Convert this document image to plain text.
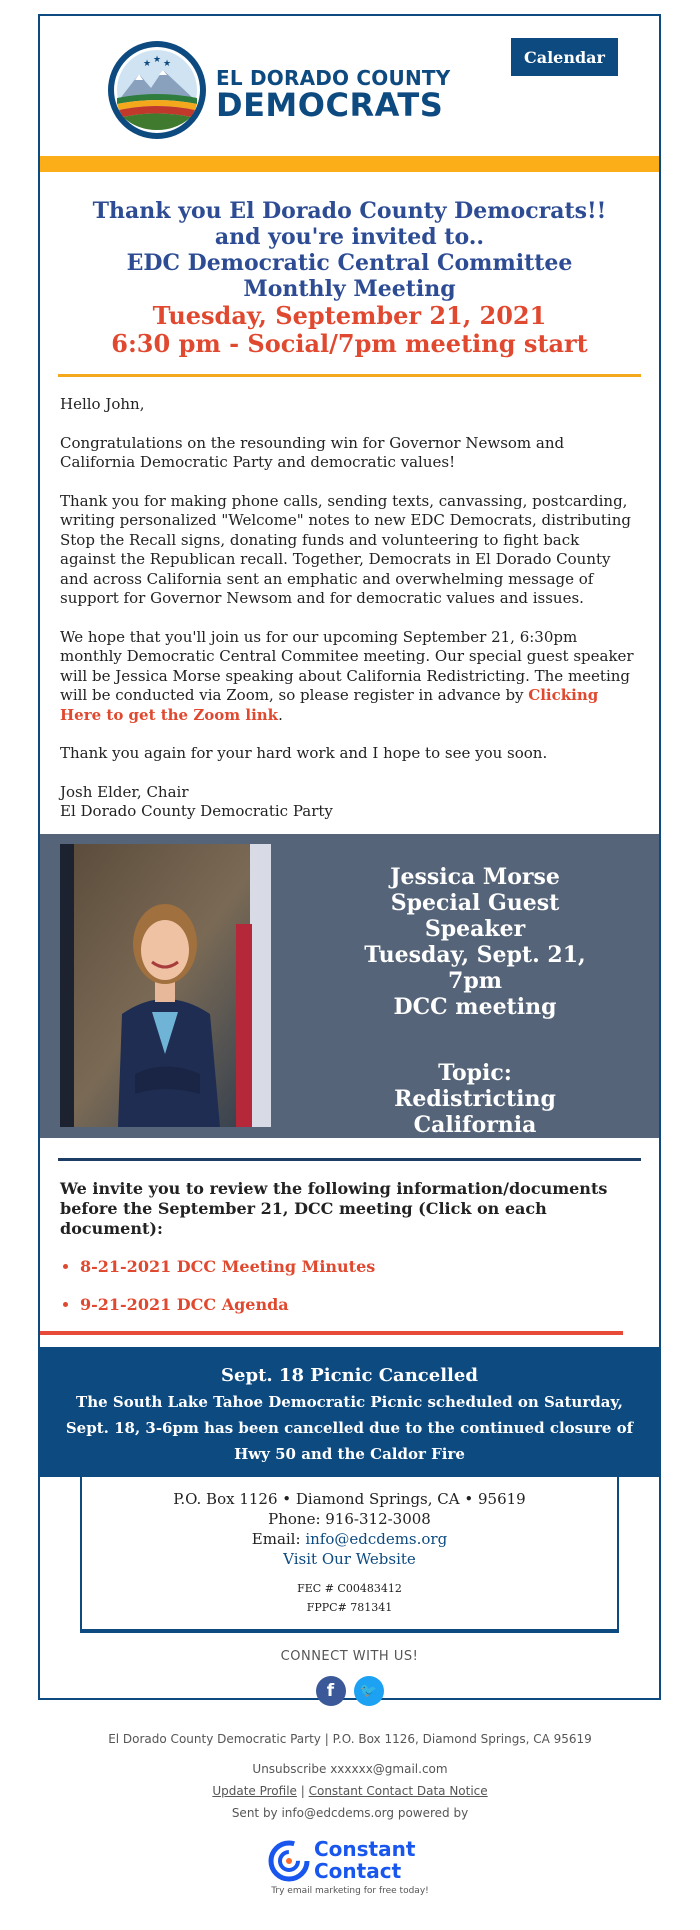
★ ★ ★
EL DORADO COUNTY
DEMOCRATS
Calendar
Thank you El Dorado County Democrats!!
and you're invited to..
EDC Democratic Central Committee
Monthly Meeting
Tuesday, September 21, 2021
6:30 pm - Social/7pm meeting start

Hello John,

Congratulations on the resounding win for Governor Newsom and California Democratic Party and democratic values!

Thank you for making phone calls, sending texts, canvassing, postcarding, writing personalized "Welcome" notes to new EDC Democrats, distributing Stop the Recall signs, donating funds and volunteering to fight back against the Republican recall. Together, Democrats in El Dorado County and across California sent an emphatic and overwhelming message of support for Governor Newsom and for democratic values and issues.

We hope that you'll join us for our upcoming September 21, 6:30pm monthly Democratic Central Commitee meeting. Our special guest speaker will be Jessica Morse speaking about California Redistricting. The meeting will be conducted via Zoom, so please register in advance by Clicking Here to get the Zoom link.

Thank you again for your hard work and I hope to see you soon.

Josh Elder, Chair
El Dorado County Democratic Party

Jessica Morse
Special Guest Speaker
Tuesday, Sept. 21, 7pm
DCC meeting
Topic:
Redistricting California
We invite you to review the following information/documents before the September 21, DCC meeting (Click on each document):
• 8-21-2021 DCC Meeting Minutes
• 9-21-2021 DCC Agenda
Sept. 18 Picnic Cancelled
The South Lake Tahoe Democratic Picnic scheduled on Saturday, Sept. 18, 3-6pm has been cancelled due to the continued closure of Hwy 50 and the Caldor Fire
P.O. Box 1126 • Diamond Springs, CA • 95619
Phone: 916-312-3008
Email: info@edcdems.org
Visit Our Website
FEC # C00483412
FPPC# 781341
CONNECT WITH US!
f	🐦
El Dorado County Democratic Party | P.O. Box 1126, Diamond Springs, CA 95619
Unsubscribe xxxxxx@gmail.com
Update Profile | Constant Contact Data Notice
Sent by info@edcdems.org powered by
Constant
Contact
Try email marketing for free today!
